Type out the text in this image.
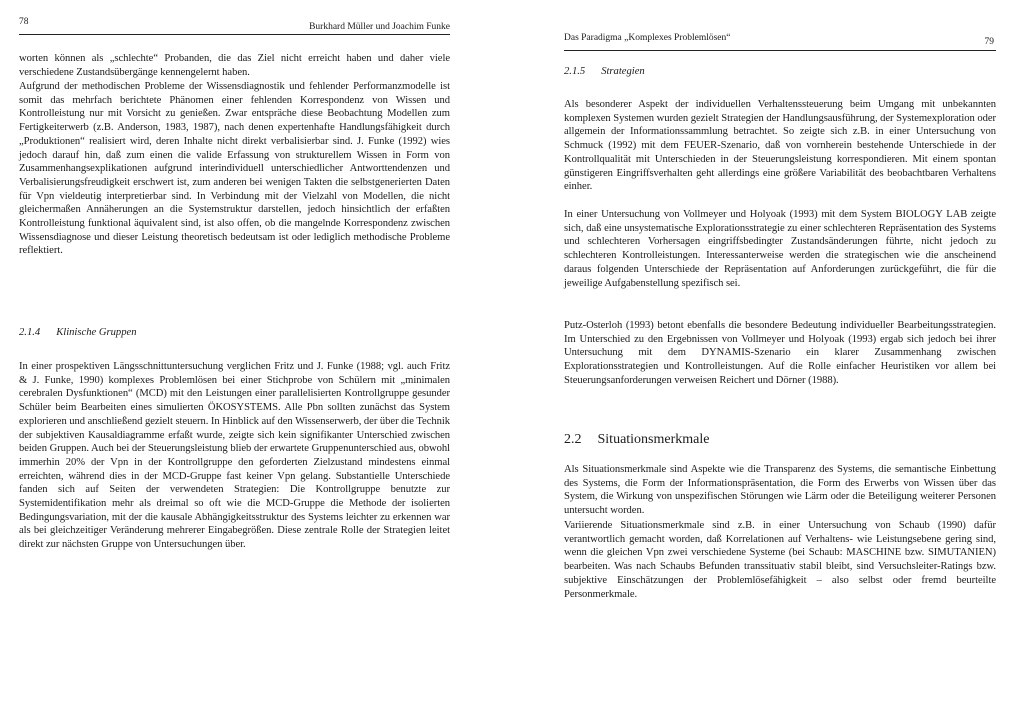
78	Burkhard Müller und Joachim Funke

worten können als „schlechte“ Probanden, die das Ziel nicht erreicht haben und daher viele verschiedene Zustandsübergänge kennengelernt haben.

Aufgrund der methodischen Probleme der Wissensdiagnostik und fehlender Performanzmodelle ist somit das mehrfach berichtete Phänomen einer fehlenden Korrespondenz von Wissen und Kontrolleistung nur mit Vorsicht zu genießen. Zwar entspräche diese Beobachtung Modellen zum Fertigkeiterwerb (z.B. Anderson, 1983, 1987), nach denen expertenhafte Handlungsfähigkeit durch „Produktionen“ realisiert wird, deren Inhalte nicht direkt verbalisierbar sind. J. Funke (1992) wies jedoch darauf hin, daß zum einen die valide Erfassung von strukturellem Wissen in Form von Zusammenhangsexplikationen aufgrund interindividuell unterschiedlicher Antworttendenzen und Verbalisierungsfreudigkeit erschwert ist, zum anderen bei wenigen Takten die selbstgenerierten Daten für Vpn vieldeutig interpretierbar sind. In Verbindung mit der Vielzahl von Modellen, die nicht gleichermaßen Annäherungen an die Systemstruktur darstellen, jedoch hinsichtlich der erfaßten Kontrolleistung funktional äquivalent sind, ist also offen, ob die mangelnde Korrespondenz zwischen Wissensdiagnose und dieser Leistung theoretisch bedeutsam ist oder lediglich methodische Probleme reflektiert.

2.1.4 Klinische Gruppen

In einer prospektiven Längsschnittuntersuchung verglichen Fritz und J. Funke (1988; vgl. auch Fritz & J. Funke, 1990) komplexes Problemlösen bei einer Stichprobe von Schülern mit „minimalen cerebralen Dysfunktionen“ (MCD) mit den Leistungen einer parallelisierten Kontrollgruppe gesunder Schüler beim Bearbeiten eines simulierten ÖKOSYSTEMS. Alle Pbn sollten zunächst das System explorieren und anschließend gezielt steuern. In Hinblick auf den Wissenserwerb, der über die Technik der subjektiven Kausaldiagramme erfaßt wurde, zeigte sich kein signifikanter Unterschied zwischen beiden Gruppen. Auch bei der Steuerungsleistung blieb der erwartete Gruppenunterschied aus, obwohl immerhin 20% der Vpn in der Kontrollgruppe den geforderten Zielzustand mindestens einmal erreichten, während dies in der MCD-Gruppe fast keiner Vpn gelang. Substantielle Unterschiede fanden sich auf Seiten der verwendeten Strategien: Die Kontrollgruppe benutzte zur Systemidentifikation mehr als dreimal so oft wie die MCD-Gruppe die Methode der isolierten Bedingungsvariation, mit der die kausale Abhängigkeitsstruktur des Systems leichter zu erkennen war als bei gleichzeitiger Veränderung mehrerer Eingabegrößen. Diese zentrale Rolle der Strategien leitet direkt zur nächsten Gruppe von Untersuchungen über.

Das Paradigma „Komplexes Problemlösen“	79
2.1.5 Strategien

Als besonderer Aspekt der individuellen Verhaltenssteuerung beim Umgang mit unbekannten komplexen Systemen wurden gezielt Strategien der Handlungsausführung, der Systemexploration oder allgemein der Informationssammlung betrachtet. So zeigte sich z.B. in einer Untersuchung von Schmuck (1992) mit dem FEUER-Szenario, daß von vornherein bestehende Unterschiede in der Kontrollqualität mit Unterschieden in der Steuerungsleistung korrespondieren. Mit einem spontan günstigeren Eingriffsverhalten geht allerdings eine größere Variabilität des beobachtbaren Verhaltens einher.

In einer Untersuchung von Vollmeyer und Holyoak (1993) mit dem System BIOLOGY LAB zeigte sich, daß eine unsystematische Explorationsstrategie zu einer schlechteren Repräsentation des Systems und schlechteren Vorhersagen eingriffsbedingter Zustandsänderungen führte, nicht jedoch zu schlechteren Kontrolleistungen. Interessanterweise werden die strategischen wie die anscheinend daraus folgenden Unterschiede der Repräsentation auf Anforderungen zurückgeführt, die für die jeweilige Aufgabenstellung spezifisch sei.

Putz-Osterloh (1993) betont ebenfalls die besondere Bedeutung individueller Bearbeitungsstrategien. Im Unterschied zu den Ergebnissen von Vollmeyer und Holyoak (1993) ergab sich jedoch bei ihrer Untersuchung mit dem DYNAMIS-Szenario ein klarer Zusammenhang zwischen Explorationsstrategien und Kontrolleistungen. Auf die Rolle einfacher Heuristiken vor allem bei Steuerungsanforderungen verweisen Reichert und Dörner (1988).

2.2 Situationsmerkmale

Als Situationsmerkmale sind Aspekte wie die Transparenz des Systems, die semantische Einbettung des Systems, die Form der Informationspräsentation, die Form des Erwerbs von Wissen über das System, die Wirkung von unspezifischen Störungen wie Lärm oder die Beteiligung weiterer Personen untersucht worden.

Variierende Situationsmerkmale sind z.B. in einer Untersuchung von Schaub (1990) dafür verantwortlich gemacht worden, daß Korrelationen auf Verhaltens- wie Leistungsebene gering sind, wenn die gleichen Vpn zwei verschiedene Systeme (bei Schaub: MASCHINE bzw. SIMUTANIEN) bearbeiten. Was nach Schaubs Befunden transsituativ stabil bleibt, sind Versuchsleiter-Ratings bzw. subjektive Einschätzungen der Problemlösefähigkeit – also selbst oder fremd beurteilte Personmerkmale.
